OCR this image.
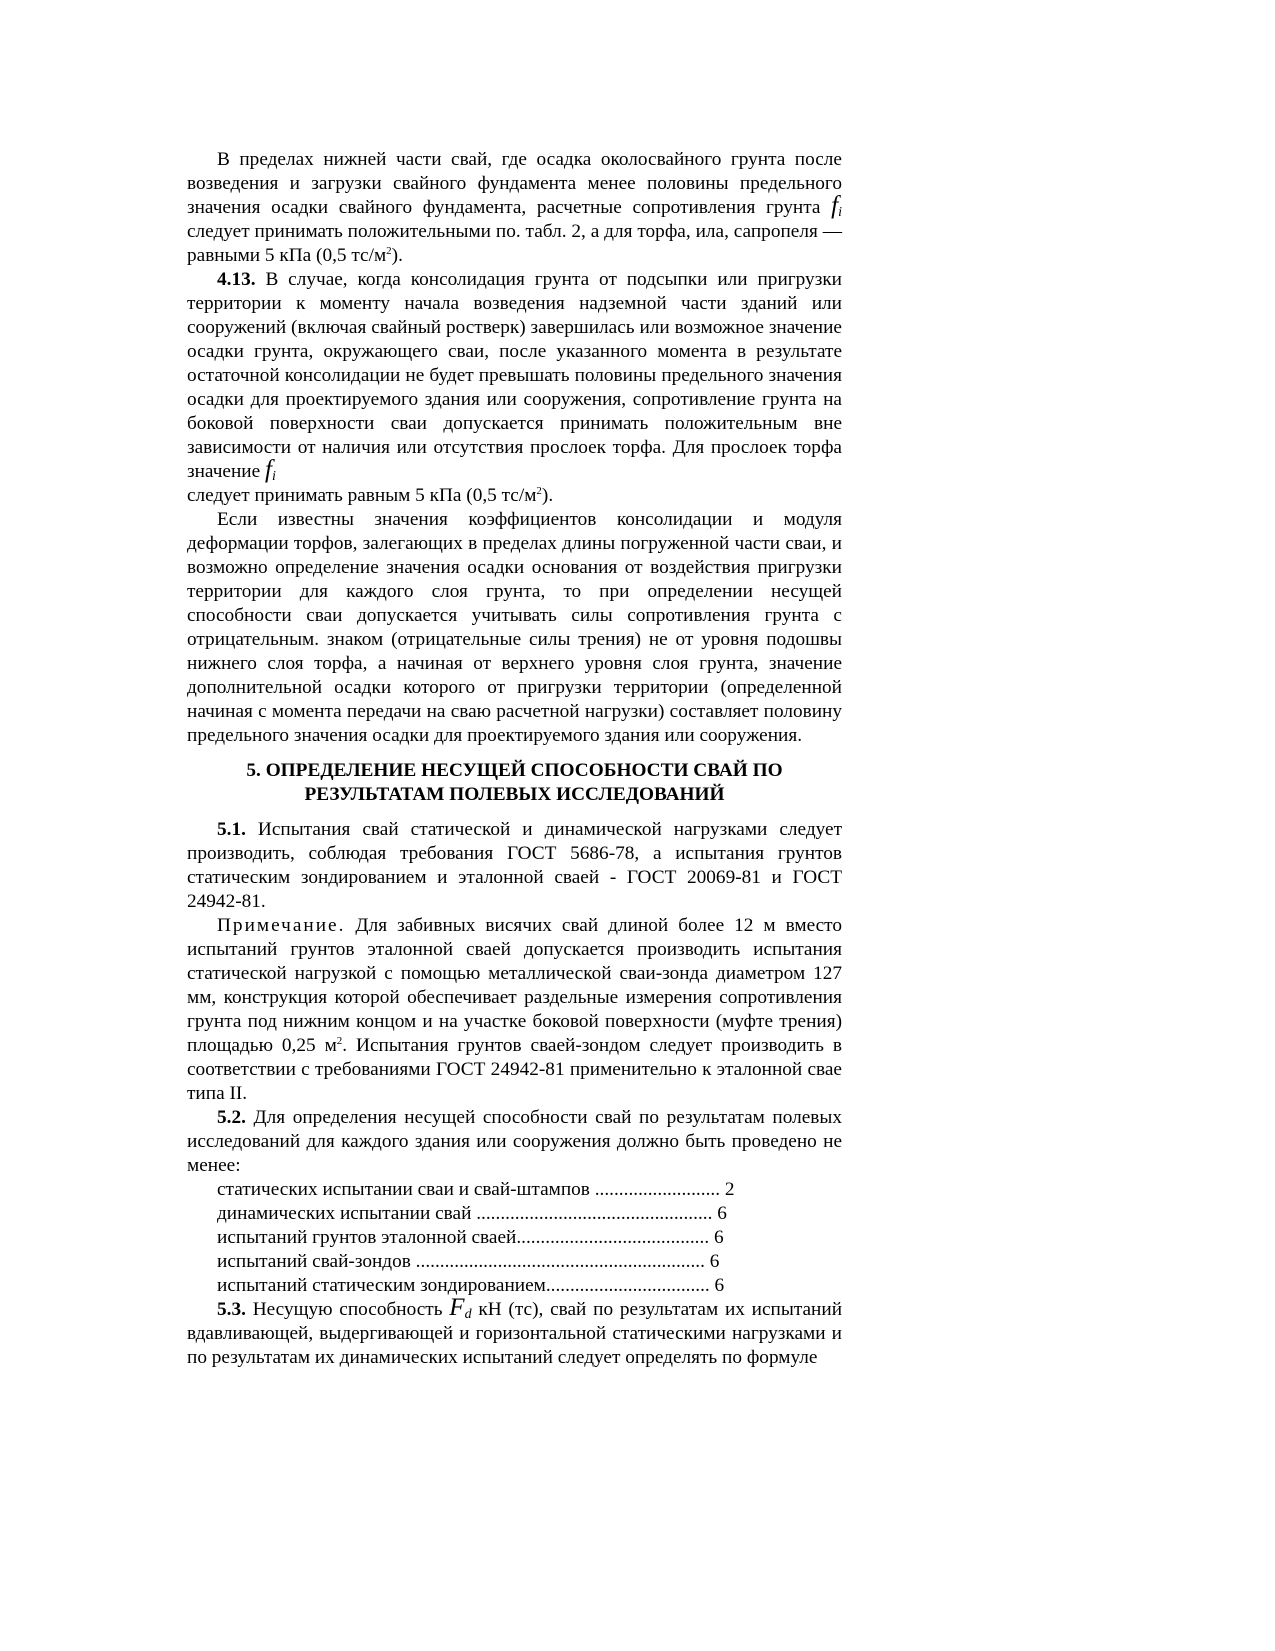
В пределах нижней части свай, где осадка околосвайного грунта после возведения и загрузки свайного фундамента менее половины предельного значения осадки свайного фундамента, расчетные сопротивления грунта $f_i$ следует принимать положительными по. табл. 2, а для торфа, ила, сапропеля — равными 5 кПа (0,5 $тс/м^2$).

4.13. В случае, когда консолидация грунта от подсыпки или пригрузки территории к моменту начала возведения надземной части зданий или сооружений (включая свайный ростверк) завершилась или возможное значение осадки грунта, окружающего сваи, после указанного момента в результате остаточной консолидации не будет превышать половины предельного значения осадки для проектируемого здания или сооружения, сопротивление грунта на боковой поверхности сваи допускается принимать положительным вне зависимости от наличия или отсутствия прослоек торфа. Для прослоек торфа значение $f_i$
следует принимать равным 5 кПа (0,5 $тс/м^2$).

Если известны значения коэффициентов консолидации и модуля деформации торфов, залегающих в пределах длины погруженной части сваи, и возможно определение значения осадки основания от воздействия пригрузки территории для каждого слоя грунта, то при определении несущей способности сваи допускается учитывать силы сопротивления грунта с отрицательным. знаком (отрицательные силы трения) не от уровня подошвы нижнего слоя торфа, а начиная от верхнего уровня слоя грунта, значение дополнительной осадки которого от пригрузки территории (определенной начиная с момента передачи на сваю расчетной нагрузки) составляет половину предельного значения осадки для проектируемого здания или сооружения.

5. ОПРЕДЕЛЕНИЕ НЕСУЩЕЙ СПОСОБНОСТИ СВАЙ ПО
РЕЗУЛЬТАТАМ ПОЛЕВЫХ ИССЛЕДОВАНИЙ

5.1. Испытания свай статической и динамической нагрузками следует производить, соблюдая требования ГОСТ 5686-78, а испытания грунтов статическим зондированием и эталонной сваей - ГОСТ 20069-81 и ГОСТ 24942-81.

Примечание. Для забивных висячих свай длиной более 12 м вместо испытаний грунтов эталонной сваей допускается производить испытания статической нагрузкой с помощью металлической сваи-зонда диаметром 127 мм, конструкция которой обеспечивает раздельные измерения сопротивления грунта под нижним концом и на участке боковой поверхности (муфте трения) площадью 0,25 $м^2$. Испытания грунтов сваей-зондом следует производить в соответствии с требованиями ГОСТ 24942-81 применительно к эталонной свае типа II.

5.2. Для определения несущей способности свай по результатам полевых исследований для каждого здания или сооружения должно быть проведено не менее:

статических испытании сваи и свай-штампов .......................... 2
динамических испытании свай ................................................. 6
испытаний грунтов эталонной сваей........................................ 6
испытаний свай-зондов ............................................................ 6
испытаний статическим зондированием.................................. 6

5.3. Несущую способность $F_d$ кН (тс), свай по результатам их испытаний вдавливающей, выдергивающей и горизонтальной статическими нагрузками и по результатам их динамических испытаний следует определять по формуле
